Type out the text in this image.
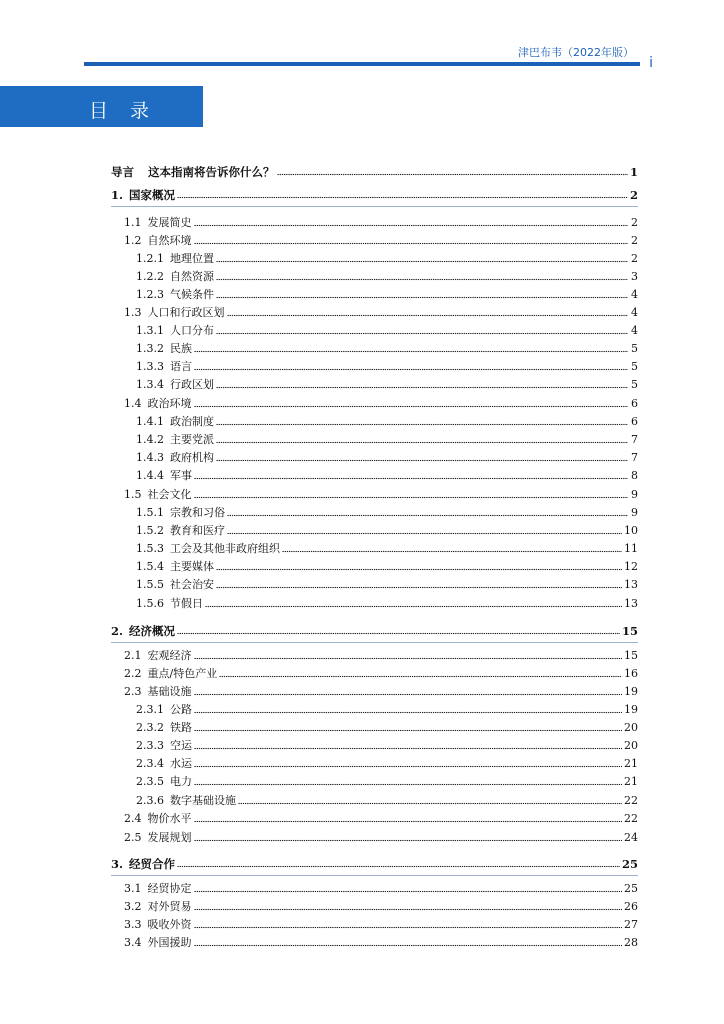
津巴布韦（2022年版）
i
目 录
导言 这本指南将告诉你什么？	1
1. 国家概况	2
1.1 发展简史	2
1.2 自然环境	2
1.2.1 地理位置	2
1.2.2 自然资源	3
1.2.3 气候条件	4
1.3 人口和行政区划	4
1.3.1 人口分布	4
1.3.2 民族	5
1.3.3 语言	5
1.3.4 行政区划	5
1.4 政治环境	6
1.4.1 政治制度	6
1.4.2 主要党派	7
1.4.3 政府机构	7
1.4.4 军事	8
1.5 社会文化	9
1.5.1 宗教和习俗	9
1.5.2 教育和医疗	10
1.5.3 工会及其他非政府组织	11
1.5.4 主要媒体	12
1.5.5 社会治安	13
1.5.6 节假日	13
2. 经济概况	15
2.1 宏观经济	15
2.2 重点/特色产业	16
2.3 基础设施	19
2.3.1 公路	19
2.3.2 铁路	20
2.3.3 空运	20
2.3.4 水运	21
2.3.5 电力	21
2.3.6 数字基础设施	22
2.4 物价水平	22
2.5 发展规划	24
3. 经贸合作	25
3.1 经贸协定	25
3.2 对外贸易	26
3.3 吸收外资	27
3.4 外国援助	28
